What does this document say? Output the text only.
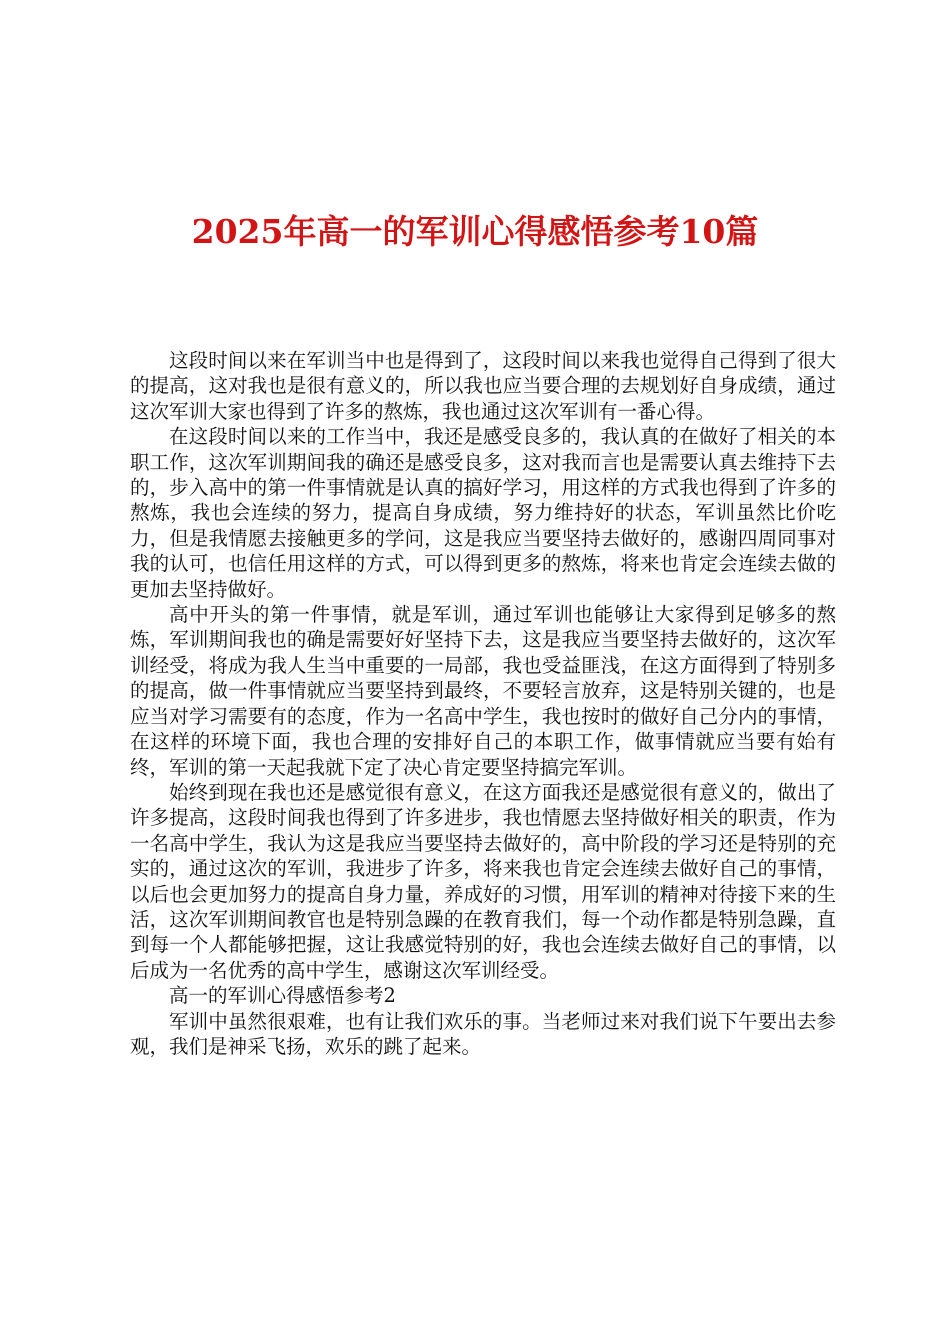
2025年高一的军训心得感悟参考10篇

这段时间以来在军训当中也是得到了，这段时间以来我也觉得自己得到了很大的提高，这对我也是很有意义的，所以我也应当要合理的去规划好自身成绩，通过这次军训大家也得到了许多的熬炼，我也通过这次军训有一番心得。

在这段时间以来的工作当中，我还是感受良多的，我认真的在做好了相关的本职工作，这次军训期间我的确还是感受良多，这对我而言也是需要认真去维持下去的，步入高中的第一件事情就是认真的搞好学习，用这样的方式我也得到了许多的熬炼，我也会连续的努力，提高自身成绩，努力维持好的状态，军训虽然比价吃力，但是我情愿去接触更多的学问，这是我应当要坚持去做好的，感谢四周同事对我的认可，也信任用这样的方式，可以得到更多的熬炼，将来也肯定会连续去做的更加去坚持做好。

高中开头的第一件事情，就是军训，通过军训也能够让大家得到足够多的熬炼，军训期间我也的确是需要好好坚持下去，这是我应当要坚持去做好的，这次军训经受，将成为我人生当中重要的一局部，我也受益匪浅，在这方面得到了特别多的提高，做一件事情就应当要坚持到最终，不要轻言放弃，这是特别关键的，也是应当对学习需要有的态度，作为一名高中学生，我也按时的做好自己分内的事情，在这样的环境下面，我也合理的安排好自己的本职工作，做事情就应当要有始有终，军训的第一天起我就下定了决心肯定要坚持搞完军训。

始终到现在我也还是感觉很有意义，在这方面我还是感觉很有意义的，做出了许多提高，这段时间我也得到了许多进步，我也情愿去坚持做好相关的职责，作为一名高中学生，我认为这是我应当要坚持去做好的，高中阶段的学习还是特别的充实的，通过这次的军训，我进步了许多，将来我也肯定会连续去做好自己的事情，以后也会更加努力的提高自身力量，养成好的习惯，用军训的精神对待接下来的生活，这次军训期间教官也是特别急躁的在教育我们，每一个动作都是特别急躁，直到每一个人都能够把握，这让我感觉特别的好，我也会连续去做好自己的事情，以后成为一名优秀的高中学生，感谢这次军训经受。

高一的军训心得感悟参考2

军训中虽然很艰难，也有让我们欢乐的事。当老师过来对我们说下午要出去参观，我们是神采飞扬，欢乐的跳了起来。
